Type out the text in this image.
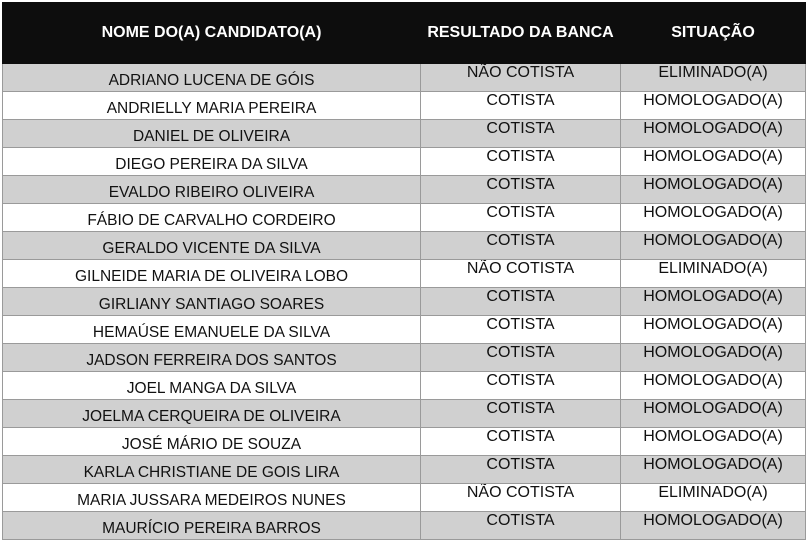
NOME DO(A) CANDIDATO(A)	RESULTADO DA BANCA	SITUAÇÃO
ADRIANO LUCENA DE GÓIS	NÃO COTISTA	ELIMINADO(A)
ANDRIELLY MARIA PEREIRA	COTISTA	HOMOLOGADO(A)
DANIEL DE OLIVEIRA	COTISTA	HOMOLOGADO(A)
DIEGO PEREIRA DA SILVA	COTISTA	HOMOLOGADO(A)
EVALDO RIBEIRO OLIVEIRA	COTISTA	HOMOLOGADO(A)
FÁBIO DE CARVALHO CORDEIRO	COTISTA	HOMOLOGADO(A)
GERALDO VICENTE DA SILVA	COTISTA	HOMOLOGADO(A)
GILNEIDE MARIA DE OLIVEIRA LOBO	NÃO COTISTA	ELIMINADO(A)
GIRLIANY SANTIAGO SOARES	COTISTA	HOMOLOGADO(A)
HEMAÚSE EMANUELE DA SILVA	COTISTA	HOMOLOGADO(A)
JADSON FERREIRA DOS SANTOS	COTISTA	HOMOLOGADO(A)
JOEL MANGA DA SILVA	COTISTA	HOMOLOGADO(A)
JOELMA CERQUEIRA DE OLIVEIRA	COTISTA	HOMOLOGADO(A)
JOSÉ MÁRIO DE SOUZA	COTISTA	HOMOLOGADO(A)
KARLA CHRISTIANE DE GOIS LIRA	COTISTA	HOMOLOGADO(A)
MARIA JUSSARA MEDEIROS NUNES	NÃO COTISTA	ELIMINADO(A)
MAURÍCIO PEREIRA BARROS	COTISTA	HOMOLOGADO(A)
